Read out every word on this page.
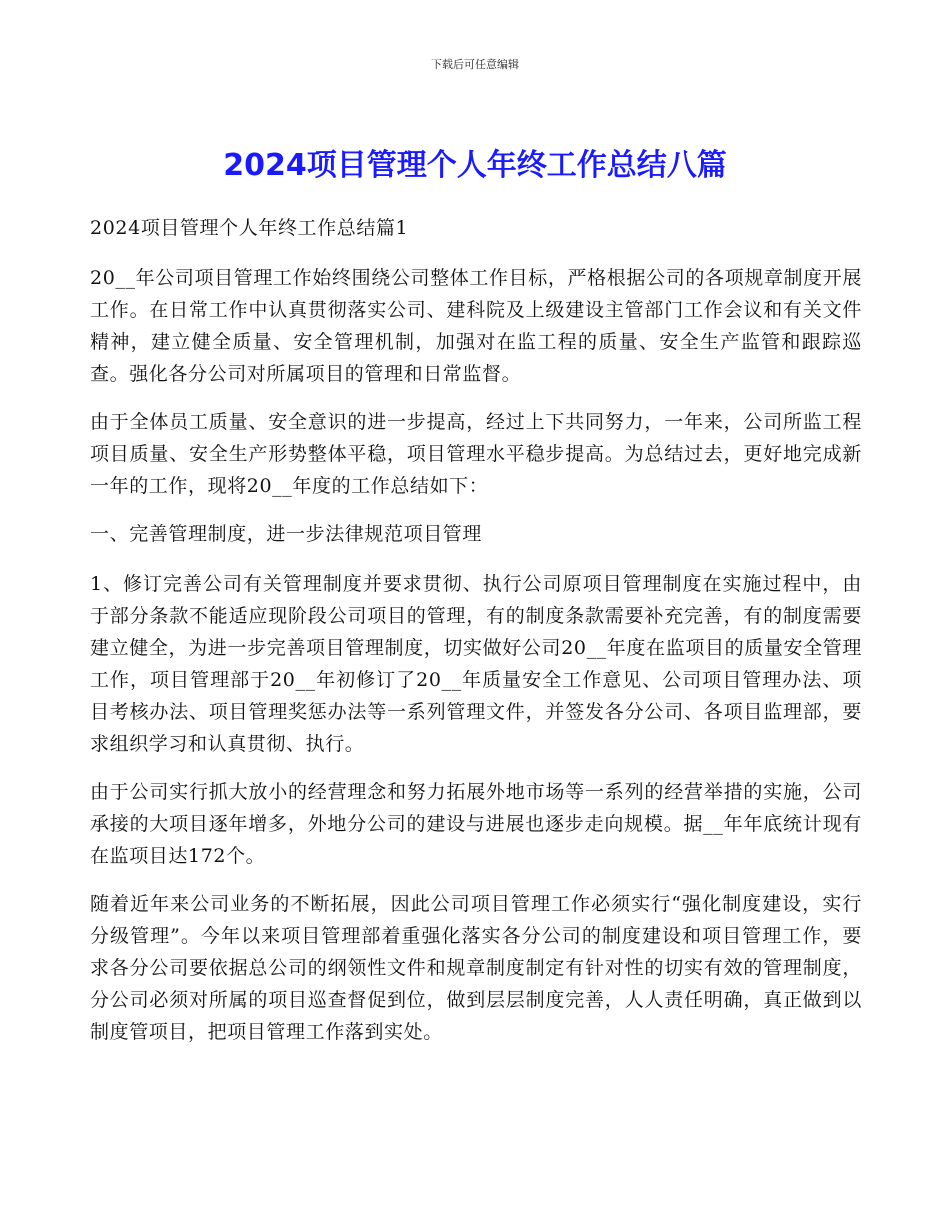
下载后可任意编辑
2024项目管理个人年终工作总结八篇

2024项目管理个人年终工作总结篇1

20__年公司项目管理工作始终围绕公司整体工作目标，严格根据公司的各项规章制度开展工作。在日常工作中认真贯彻落实公司、建科院及上级建设主管部门工作会议和有关文件精神，建立健全质量、安全管理机制，加强对在监工程的质量、安全生产监管和跟踪巡查。强化各分公司对所属项目的管理和日常监督。

由于全体员工质量、安全意识的进一步提高，经过上下共同努力，一年来，公司所监工程项目质量、安全生产形势整体平稳，项目管理水平稳步提高。为总结过去，更好地完成新一年的工作，现将20__年度的工作总结如下：

一、完善管理制度，进一步法律规范项目管理

1、修订完善公司有关管理制度并要求贯彻、执行公司原项目管理制度在实施过程中，由于部分条款不能适应现阶段公司项目的管理，有的制度条款需要补充完善，有的制度需要建立健全，为进一步完善项目管理制度，切实做好公司20__年度在监项目的质量安全管理工作，项目管理部于20__年初修订了20__年质量安全工作意见、公司项目管理办法、项目考核办法、项目管理奖惩办法等一系列管理文件，并签发各分公司、各项目监理部，要求组织学习和认真贯彻、执行。

由于公司实行抓大放小的经营理念和努力拓展外地市场等一系列的经营举措的实施，公司承接的大项目逐年增多，外地分公司的建设与进展也逐步走向规模。据__年年底统计现有在监项目达172个。

随着近年来公司业务的不断拓展，因此公司项目管理工作必须实行“强化制度建设，实行分级管理”。今年以来项目管理部着重强化落实各分公司的制度建设和项目管理工作，要求各分公司要依据总公司的纲领性文件和规章制度制定有针对性的切实有效的管理制度，分公司必须对所属的项目巡查督促到位，做到层层制度完善，人人责任明确，真正做到以制度管项目，把项目管理工作落到实处。
